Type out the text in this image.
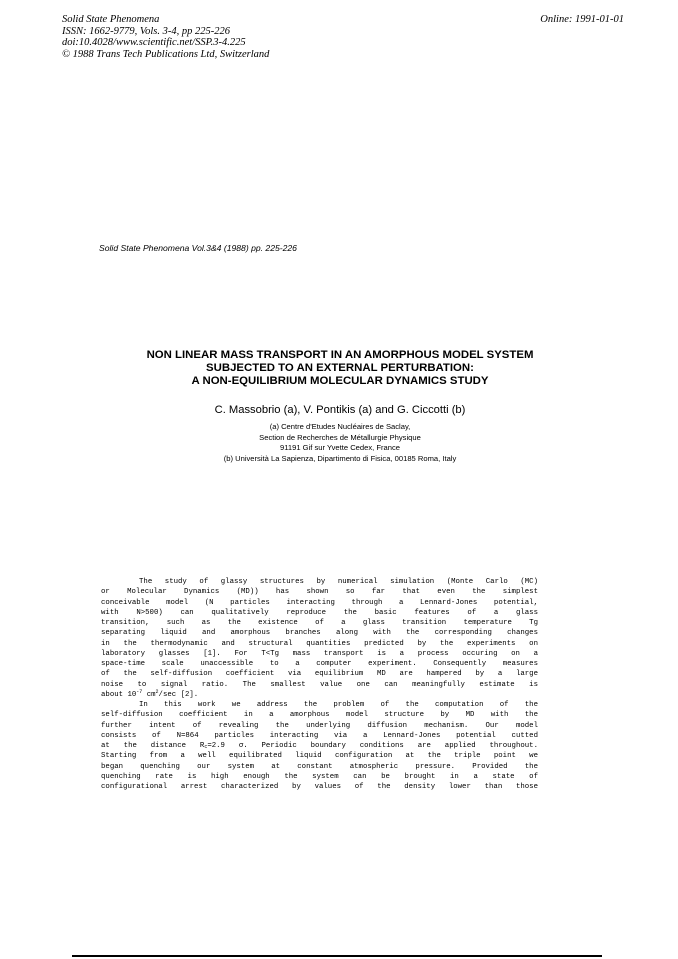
Solid State Phenomena
ISSN: 1662-9779, Vols. 3-4, pp 225-226
doi:10.4028/www.scientific.net/SSP.3-4.225
© 1988 Trans Tech Publications Ltd, Switzerland
Online: 1991-01-01
Solid State Phenomena Vol.3&4 (1988) pp. 225-226
NON LINEAR MASS TRANSPORT IN AN AMORPHOUS MODEL SYSTEM
SUBJECTED TO AN EXTERNAL PERTURBATION:
A NON-EQUILIBRIUM MOLECULAR DYNAMICS STUDY
C. Massobrio (a), V. Pontikis (a) and G. Ciccotti (b)
(a) Centre d'Etudes Nucléaires de Saclay,
Section de Recherches de Métallurgie Physique
91191 Gif sur Yvette Cedex, France
(b) Università La Sapienza, Dipartimento di Fisica, 00185 Roma, Italy
The study of glassy structures by numerical simulation (Monte Carlo (MC)
or Molecular Dynamics (MD)) has shown so far that even the simplest
conceivable model (N particles interacting through a Lennard-Jones potential,
with N>500) can qualitatively reproduce the basic features of a glass
transition, such as the existence of a glass transition temperature Tg
separating liquid and amorphous branches along with the corresponding changes
in the thermodynamic and structural quantities predicted by the experiments on
laboratory glasses [1]. For T<Tg mass transport is a process occuring on a
space-time scale unaccessible to a computer experiment. Consequently measures
of the self-diffusion coefficient via equilibrium MD are hampered by a large
noise to signal ratio. The smallest value one can meaningfully estimate is
about $10^{-7}$ $cm^2/\sec$ [2].
In this work we address the problem of the computation of the
self-diffusion coefficient in a amorphous model structure by MD with the
further intent of revealing the underlying diffusion mechanism. Our model
consists of N=864 particles interacting via a Lennard-Jones potential cutted
at the distance $R_c=2.9$ σ. Periodic boundary conditions are applied throughout.
Starting from a well equilibrated liquid configuration at the triple point we
began quenching our system at constant atmospheric pressure. Provided the
quenching rate is high enough the system can be brought in a state of
configurational arrest characterized by values of the density lower than those
